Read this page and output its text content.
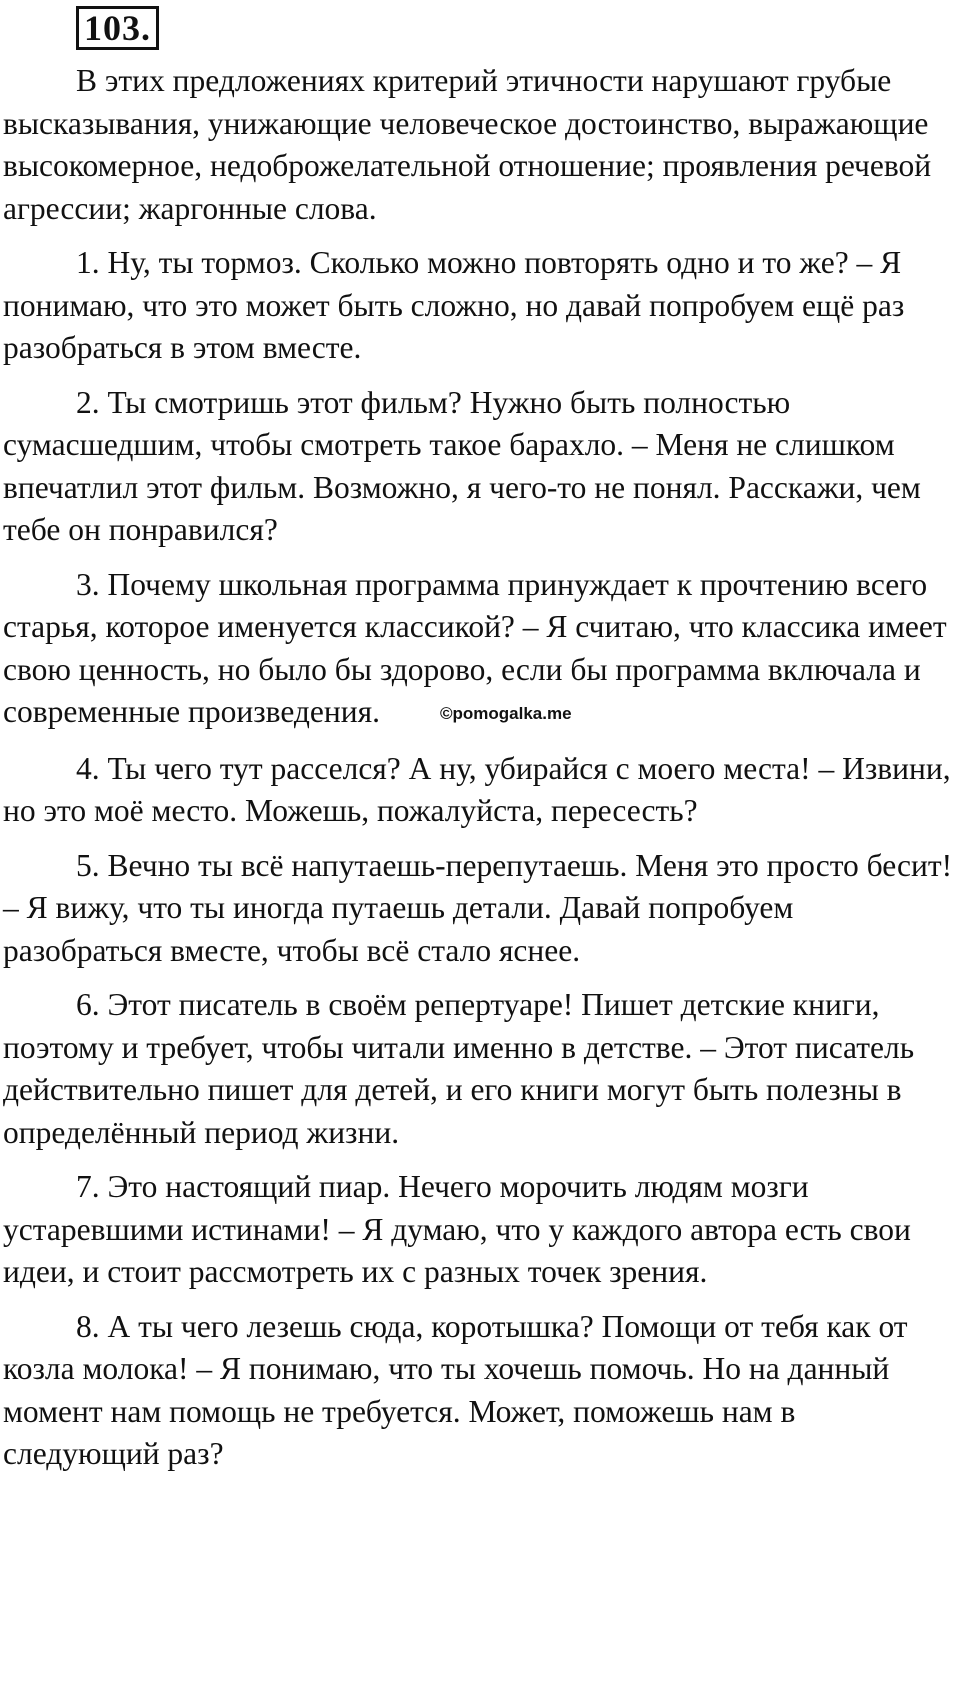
103.

В этих предложениях критерий этичности нарушают грубые высказывания, унижающие человеческое достоинство, выражающие высокомерное, недоброжелательной отношение; проявления речевой агрессии; жаргонные слова.

1. Ну, ты тормоз. Сколько можно повторять одно и то же? – Я понимаю, что это может быть сложно, но давай попробуем ещё раз разобраться в этом вместе.

2. Ты смотришь этот фильм? Нужно быть полностью сумасшедшим, чтобы смотреть такое барахло. – Меня не слишком впечатлил этот фильм. Возможно, я чего-то не понял. Расскажи, чем тебе он понравился?

3. Почему школьная программа принуждает к прочтению всего старья, которое именуется классикой? – Я считаю, что классика имеет свою ценность, но было бы здорово, если бы программа включала и современные произведения.	©pomogalka.me

4. Ты чего тут расселся? А ну, убирайся с моего места! – Извини, но это моё место. Можешь, пожалуйста, пересесть?

5. Вечно ты всё напутаешь-перепутаешь. Меня это просто бесит! – Я вижу, что ты иногда путаешь детали. Давай попробуем разобраться вместе, чтобы всё стало яснее.

6. Этот писатель в своём репертуаре! Пишет детские книги, поэтому и требует, чтобы читали именно в детстве. – Этот писатель действительно пишет для детей, и его книги могут быть полезны в определённый период жизни.

7. Это настоящий пиар. Нечего морочить людям мозги устаревшими истинами! – Я думаю, что у каждого автора есть свои идеи, и стоит рассмотреть их с разных точек зрения.

8. А ты чего лезешь сюда, коротышка? Помощи от тебя как от козла молока! – Я понимаю, что ты хочешь помочь. Но на данный момент нам помощь не требуется. Может, поможешь нам в следующий раз?
